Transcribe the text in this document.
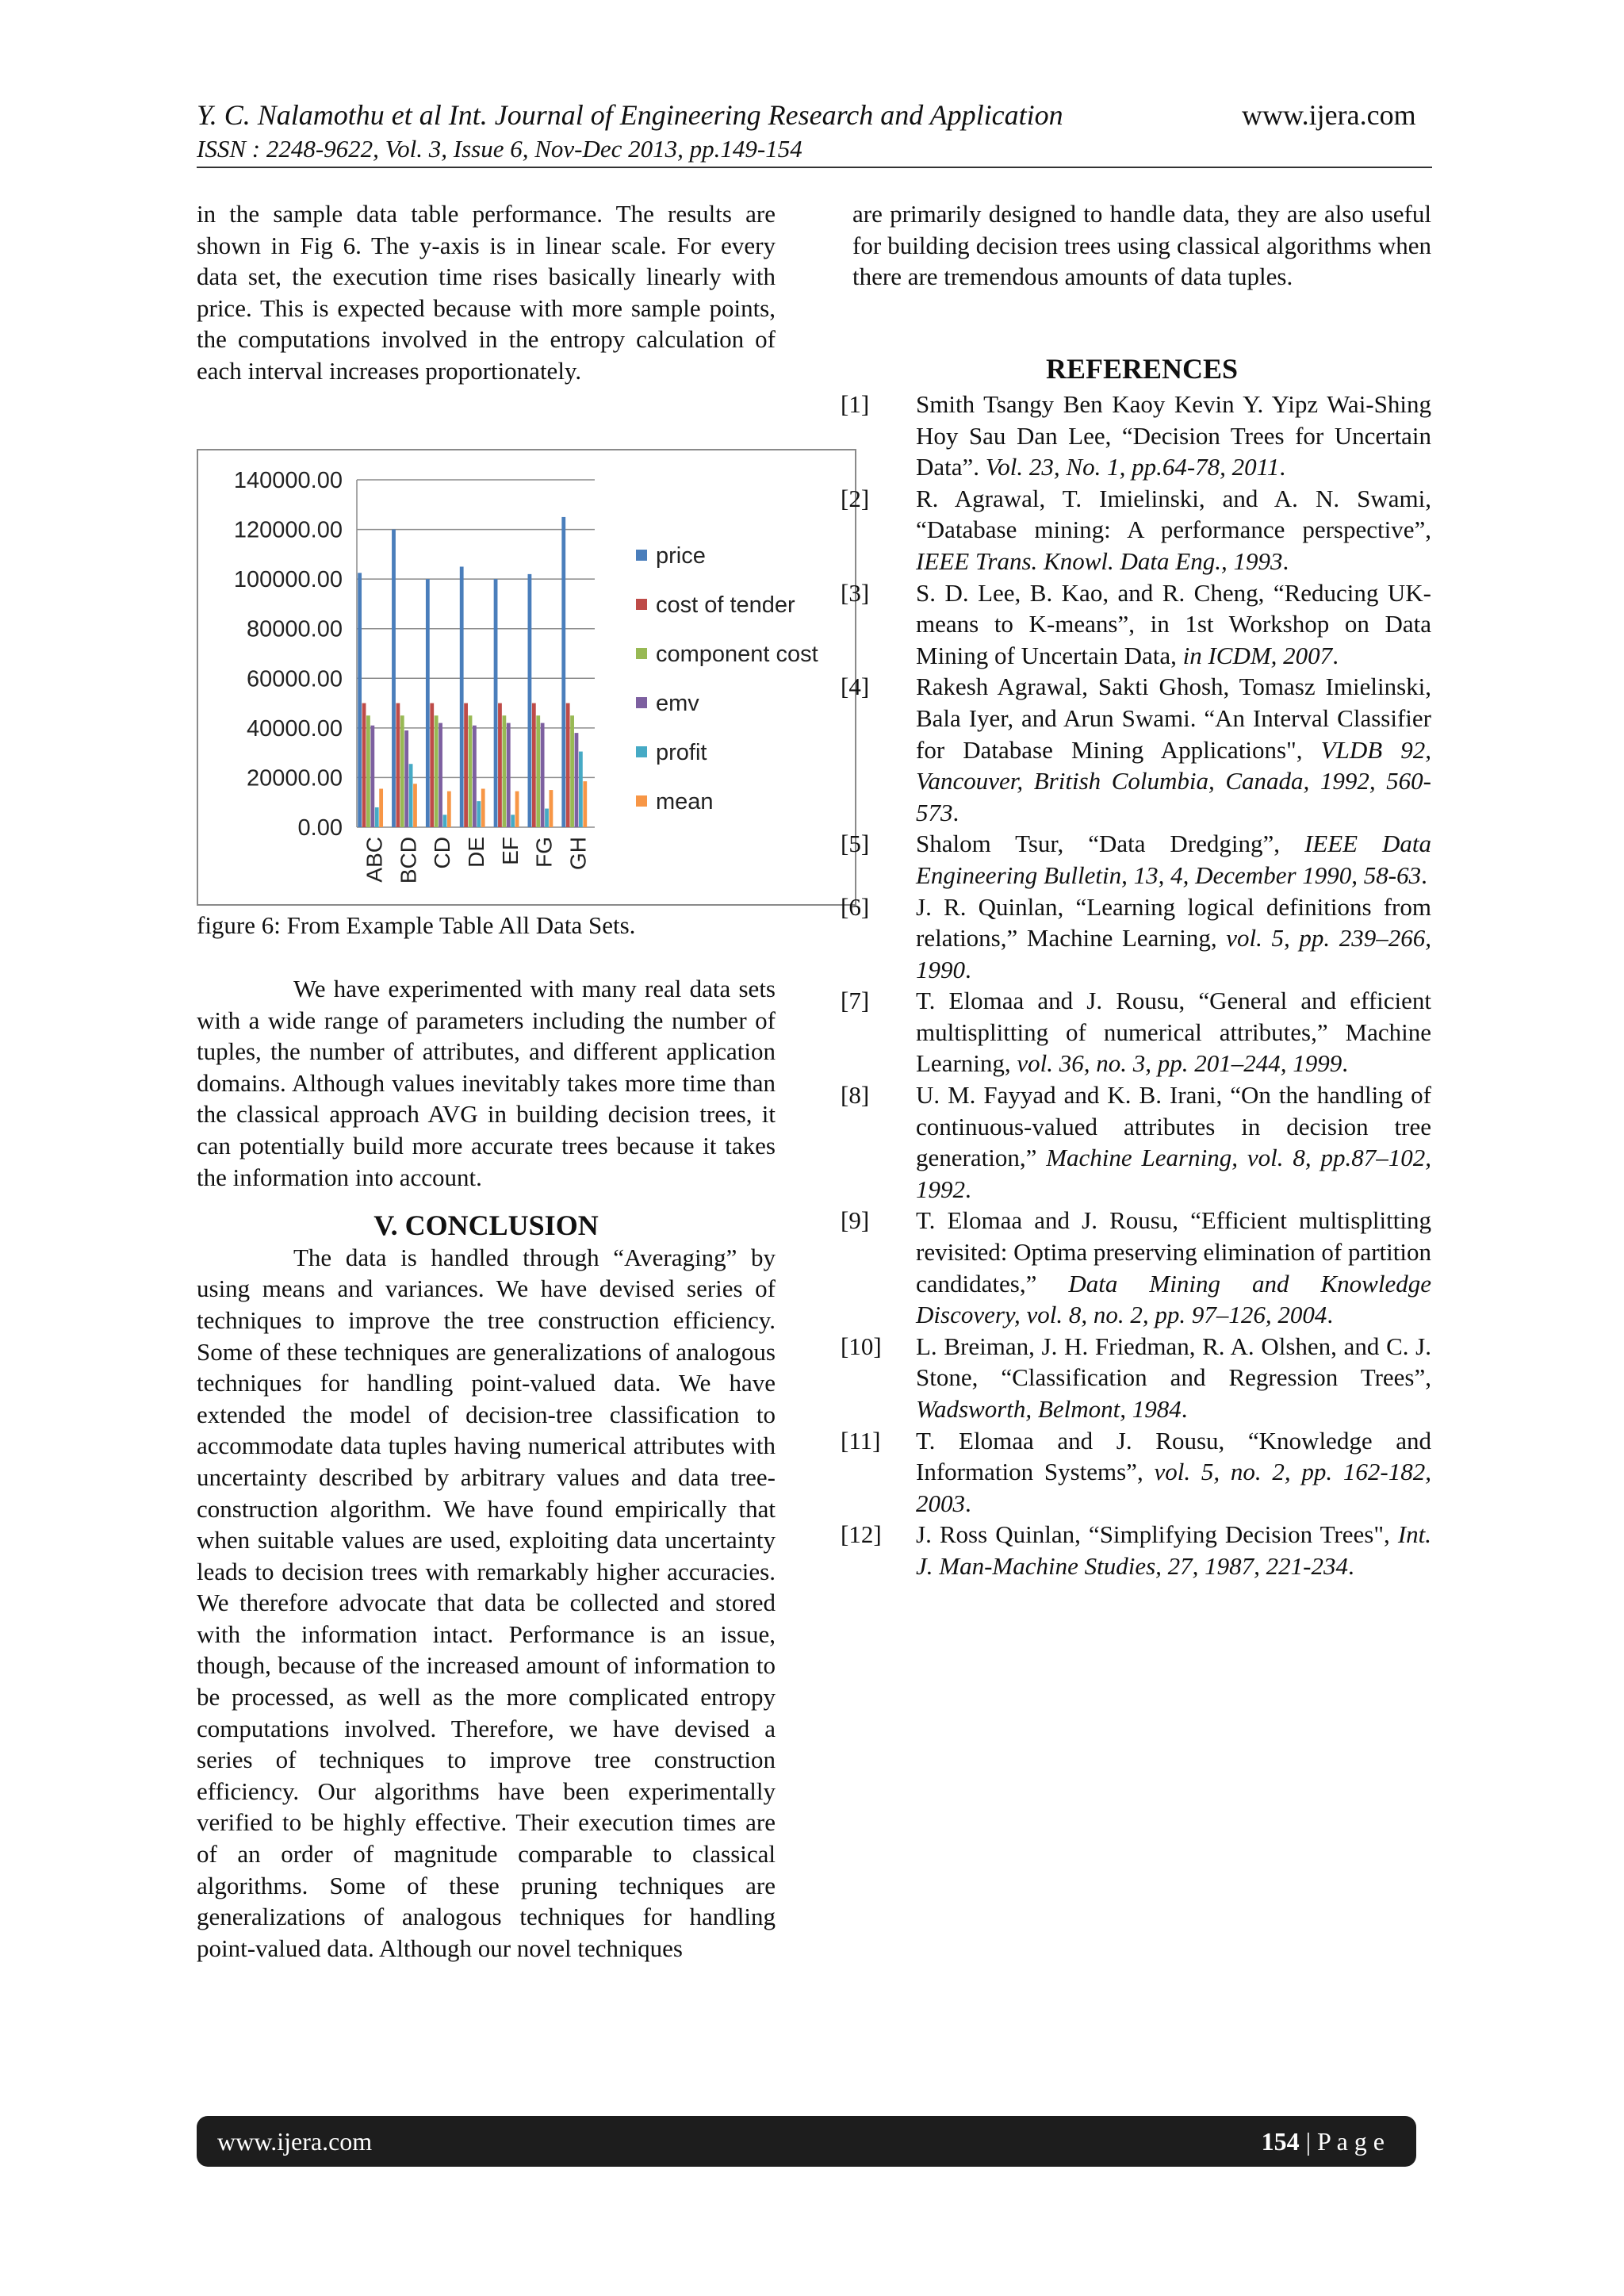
Y. C. Nalamothu et al Int. Journal of Engineering Research and Application	www.ijera.com
ISSN : 2248-9622, Vol. 3, Issue 6, Nov-Dec 2013, pp.149-154

in the sample data table performance. The results are shown in Fig 6. The y-axis is in linear scale. For every data set, the execution time rises basically linearly with price. This is expected because with more sample points, the computations involved in the entropy calculation of each interval increases proportionately.

0.00
20000.00
40000.00
60000.00
80000.00
100000.00
120000.00
140000.00
ABC BCD CD DE EF FG GH
price
cost of tender
component cost
emv
profit
mean
figure 6: From Example Table All Data Sets.

We have experimented with many real data sets with a wide range of parameters including the number of tuples, the number of attributes, and different application domains. Although values inevitably takes more time than the classical approach AVG in building decision trees, it can potentially build more accurate trees because it takes the information into account.

V. CONCLUSION

The data is handled through “Averaging” by using means and variances. We have devised series of techniques to improve the tree construction efficiency. Some of these techniques are generalizations of analogous techniques for handling point-valued data. We have extended the model of decision-tree classification to accommodate data tuples having numerical attributes with uncertainty described by arbitrary values and data tree-construction algorithm. We have found empirically that when suitable values are used, exploiting data uncertainty leads to decision trees with remarkably higher accuracies. We therefore advocate that data be collected and stored with the information intact. Performance is an issue, though, because of the increased amount of information to be processed, as well as the more complicated entropy computations involved. Therefore, we have devised a series of techniques to improve tree construction efficiency. Our algorithms have been experimentally verified to be highly effective. Their execution times are of an order of magnitude comparable to classical algorithms. Some of these pruning techniques are generalizations of analogous techniques for handling point-valued data. Although our novel techniques

are primarily designed to handle data, they are also useful for building decision trees using classical algorithms when there are tremendous amounts of data tuples.

REFERENCES

[1] Smith Tsangy Ben Kaoy Kevin Y. Yipz Wai-Shing Hoy Sau Dan Lee, “Decision Trees for Uncertain Data”. Vol. 23, No. 1, pp.64-78, 2011.

[2] R. Agrawal, T. Imielinski, and A. N. Swami, “Database mining: A performance perspective”, IEEE Trans. Knowl. Data Eng., 1993.

[3] S. D. Lee, B. Kao, and R. Cheng, “Reducing UK-means to K-means”, in 1st Workshop on Data Mining of Uncertain Data, in ICDM, 2007.

[4] Rakesh Agrawal, Sakti Ghosh, Tomasz Imielinski, Bala Iyer, and Arun Swami. “An Interval Classifier for Database Mining Applications", VLDB 92, Vancouver, British Columbia, Canada, 1992, 560-573.

[5] Shalom Tsur, “Data Dredging”, IEEE Data Engineering Bulletin, 13, 4, December 1990, 58-63.

[6] J. R. Quinlan, “Learning logical definitions from relations,” Machine Learning, vol. 5, pp. 239–266, 1990.

[7] T. Elomaa and J. Rousu, “General and efficient multisplitting of numerical attributes,” Machine Learning, vol. 36, no. 3, pp. 201–244, 1999.

[8] U. M. Fayyad and K. B. Irani, “On the handling of continuous-valued attributes in decision tree generation,” Machine Learning, vol. 8, pp.87–102, 1992.

[9] T. Elomaa and J. Rousu, “Efficient multisplitting revisited: Optima preserving elimination of partition candidates,” Data Mining and Knowledge Discovery, vol. 8, no. 2, pp. 97–126, 2004.

[10] L. Breiman, J. H. Friedman, R. A. Olshen, and C. J. Stone, “Classification and Regression Trees”, Wadsworth, Belmont, 1984.

[11] T. Elomaa and J. Rousu, “Knowledge and Information Systems”, vol. 5, no. 2, pp. 162-182, 2003.

[12] J. Ross Quinlan, “Simplifying Decision Trees", Int. J. Man-Machine Studies, 27, 1987, 221-234.

www.ijera.com	154 | P a g e
